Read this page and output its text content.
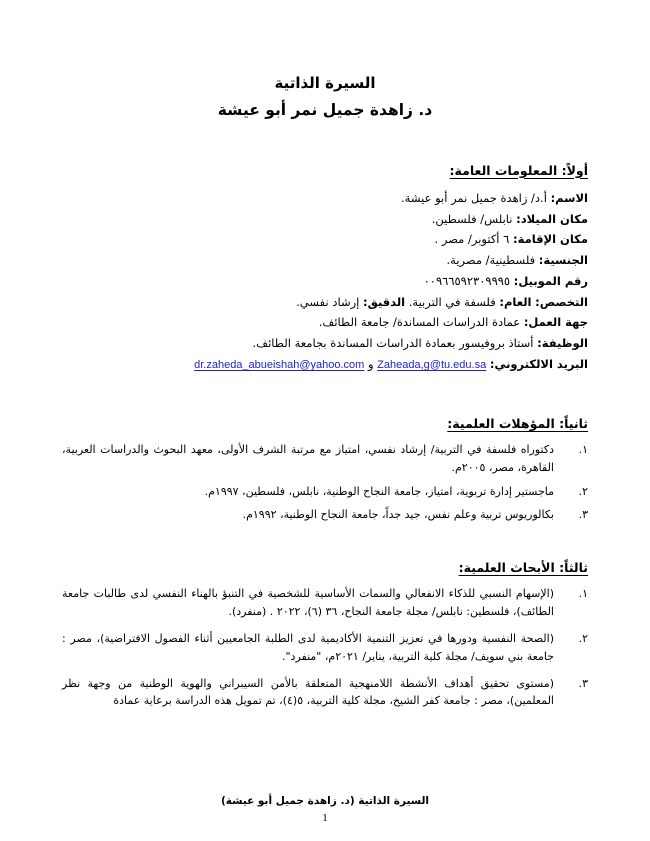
السيرة الذاتية
د. زاهدة جميل نمر أبو عيشة
أولاً: المعلومات العامة:
الاسم: أ.د/ زاهدة جميل نمر أبو عيشة.
مكان الميلاد: نابلس/ فلسطين.
مكان الإقامة: ٦ أكتوبر/ مصر .
الجنسية: فلسطينية/ مصرية.
رقم الموبيل: ٠٠٩٦٦٥٩٢٣٠٩٩٩٥
التخصص: العام: فلسفة في التربية. الدقيق: إرشاد نفسي.
جهة العمل: عمادة الدراسات المساندة/ جامعة الطائف.
الوظيفة: أستاذ بروفيسور بعمادة الدراسات المساندة بجامعة الطائف.
البريد الالكتروني: Zaheada,g@tu.edu.sa و dr.zaheda_abueishah@yahoo.com
ثانياً: المؤهلات العلمية:
١.
دكتوراه فلسفة في التربية/ إرشاد نفسي، امتياز مع مرتبة الشرف الأولى، معهد البحوث والدراسات العربية، القاهرة، مصر، ٢٠٠٥م.
٢.
ماجستير إدارة تربوية، امتياز، جامعة النجاح الوطنية، نابلس، فلسطين، ١٩٩٧م.
٣.
بكالوريوس تربية وعلم نفس، جيد جداً، جامعة النجاح الوطنية، ١٩٩٢م.
ثالثاً: الأبحاث العلمية:
١.
(الإسهام النسبي للذكاء الانفعالي والسمات الأساسية للشخصية في التنبؤ بالهناء النفسي لدى طالبات جامعة الطائف)، فلسطين: نابلس/ مجلة جامعة النجاح، ٣٦ (٦)، ٢٠٢٢ . (منفرد).
٢.
(الصحة النفسية ودورها في تعزيز التنمية الأكاديمية لدى الطلبة الجامعيين أثناء الفصول الافتراضية)، مصر : جامعة بني سويف/ مجلة كلية التربية، يناير/ ٢٠٢١م، "منفرد".
٣.
(مستوى تحقيق أهداف الأنشطة اللامنهجية المتعلقة بالأمن السيبراني والهوية الوطنية من وجهة نظر المعلمين)، مصر : جامعة كفر الشيخ، مجلة كلية التربية، ٥(٤)، تم تمويل هذه الدراسة برعاية عمادة

السيرة الذاتية (د. زاهدة جميل أبو عيشة)

1
